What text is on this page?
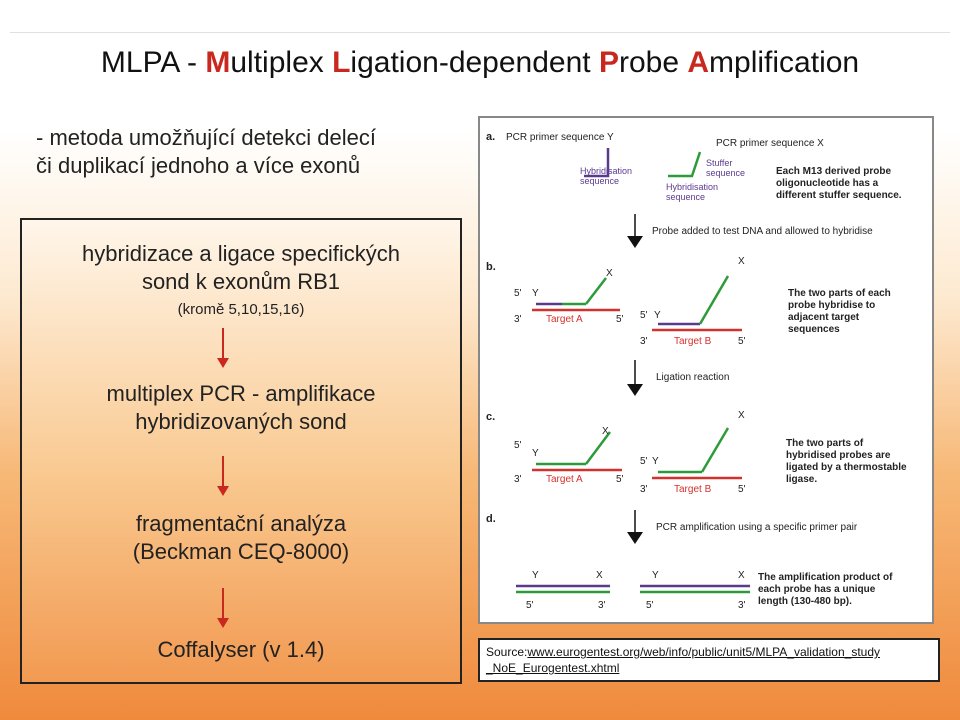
MLPA - Multiplex Ligation-dependent Probe Amplification
- metoda umožňující detekci delecí
či duplikací jednoho a více exonů
hybridizace a ligace specifických
sond k exonům RB1
(kromě 5,10,15,16)
multiplex PCR - amplifikace
hybridizovaných sond
fragmentační analýza
(Beckman CEQ-8000)
Coffalyser (v 1.4)
a. PCR primer sequence Y
PCR primer sequence X
Hybridisation
sequence
Stuffer
sequence
Hybridisation
sequence
Each M13 derived probe
oligonucleotide has a
different stuffer sequence.
Probe added to test DNA and allowed to hybridise
b.
5' Y
X
3' Target A	5' 5' Y
X
3'	Target B	5'
The two parts of each
probe hybridise to
adjacent target
sequences
Ligation reaction
c.
5'
Y
X
3' Target A	5'
5' Y
X
3'	Target B	5'
The two parts of
hybridised probes are
ligated by a thermostable
ligase.
d.
PCR amplification using a specific primer pair
Y	X
5'	3'
Y	X
5'	3'
The amplification product of
each probe has a unique
length (130-480 bp).
Source:www.eurogentest.org/web/info/public/unit5/MLPA_validation_study
_NoE_Eurogentest.xhtml
